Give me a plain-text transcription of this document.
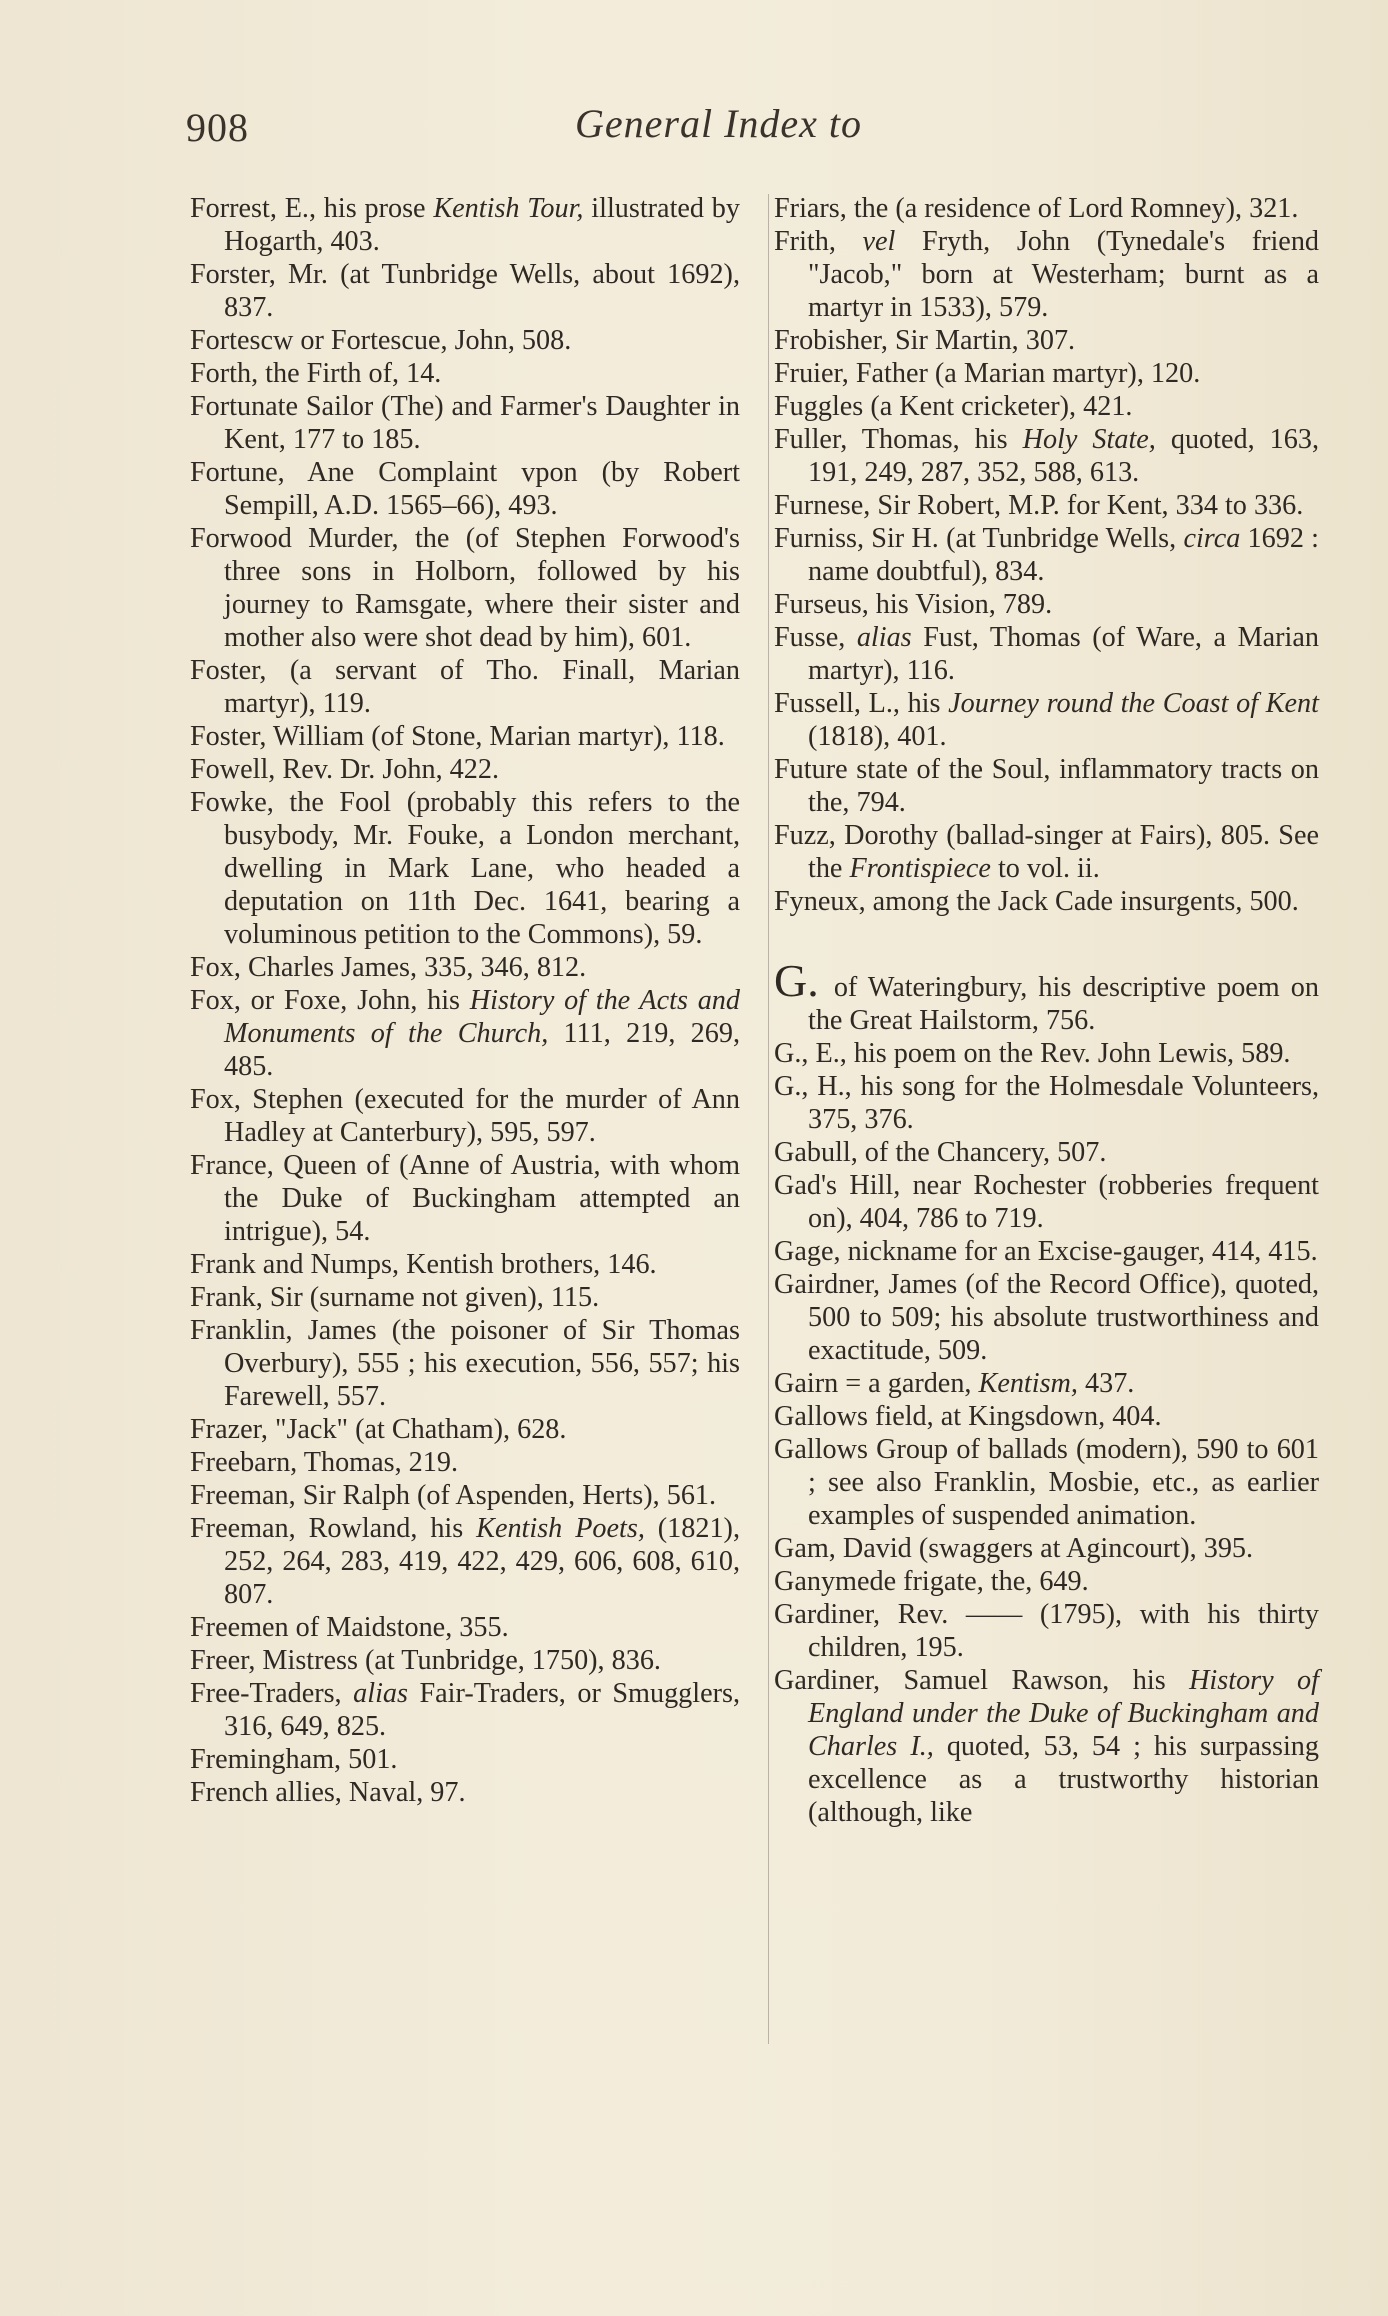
908	General Index to

Forrest, E., his prose Kentish Tour, illustrated by Hogarth, 403.

Forster, Mr. (at Tunbridge Wells, about 1692), 837.

Fortescw or Fortescue, John, 508.

Forth, the Firth of, 14.

Fortunate Sailor (The) and Farmer's Daughter in Kent, 177 to 185.

Fortune, Ane Complaint vpon (by Robert Sempill, A.D. 1565–66), 493.

Forwood Murder, the (of Stephen Forwood's three sons in Holborn, followed by his journey to Ramsgate, where their sister and mother also were shot dead by him), 601.

Foster, (a servant of Tho. Finall, Marian martyr), 119.

Foster, William (of Stone, Marian martyr), 118.

Fowell, Rev. Dr. John, 422.

Fowke, the Fool (probably this refers to the busybody, Mr. Fouke, a London merchant, dwelling in Mark Lane, who headed a deputation on 11th Dec. 1641, bearing a voluminous petition to the Commons), 59.

Fox, Charles James, 335, 346, 812.

Fox, or Foxe, John, his History of the Acts and Monuments of the Church, 111, 219, 269, 485.

Fox, Stephen (executed for the murder of Ann Hadley at Canterbury), 595, 597.

France, Queen of (Anne of Austria, with whom the Duke of Buckingham attempted an intrigue), 54.

Frank and Numps, Kentish brothers, 146.

Frank, Sir (surname not given), 115.

Franklin, James (the poisoner of Sir Thomas Overbury), 555 ; his execution, 556, 557; his Farewell, 557.

Frazer, "Jack" (at Chatham), 628.

Freebarn, Thomas, 219.

Freeman, Sir Ralph (of Aspenden, Herts), 561.

Freeman, Rowland, his Kentish Poets, (1821), 252, 264, 283, 419, 422, 429, 606, 608, 610, 807.

Freemen of Maidstone, 355.

Freer, Mistress (at Tunbridge, 1750), 836.

Free-Traders, alias Fair-Traders, or Smugglers, 316, 649, 825.

Fremingham, 501.

French allies, Naval, 97.

Friars, the (a residence of Lord Romney), 321.

Frith, vel Fryth, John (Tynedale's friend "Jacob," born at Westerham; burnt as a martyr in 1533), 579.

Frobisher, Sir Martin, 307.

Fruier, Father (a Marian martyr), 120.

Fuggles (a Kent cricketer), 421.

Fuller, Thomas, his Holy State, quoted, 163, 191, 249, 287, 352, 588, 613.

Furnese, Sir Robert, M.P. for Kent, 334 to 336.

Furniss, Sir H. (at Tunbridge Wells, circa 1692 : name doubtful), 834.

Furseus, his Vision, 789.

Fusse, alias Fust, Thomas (of Ware, a Marian martyr), 116.

Fussell, L., his Journey round the Coast of Kent (1818), 401.

Future state of the Soul, inflammatory tracts on the, 794.

Fuzz, Dorothy (ballad-singer at Fairs), 805. See the Frontispiece to vol. ii.

Fyneux, among the Jack Cade insurgents, 500.

G. of Wateringbury, his descriptive poem on the Great Hailstorm, 756.

G., E., his poem on the Rev. John Lewis, 589.

G., H., his song for the Holmesdale Volunteers, 375, 376.

Gabull, of the Chancery, 507.

Gad's Hill, near Rochester (robberies frequent on), 404, 786 to 719.

Gage, nickname for an Excise-gauger, 414, 415.

Gairdner, James (of the Record Office), quoted, 500 to 509; his absolute trustworthiness and exactitude, 509.

Gairn = a garden, Kentism, 437.

Gallows field, at Kingsdown, 404.

Gallows Group of ballads (modern), 590 to 601 ; see also Franklin, Mosbie, etc., as earlier examples of suspended animation.

Gam, David (swaggers at Agincourt), 395.

Ganymede frigate, the, 649.

Gardiner, Rev. —— (1795), with his thirty children, 195.

Gardiner, Samuel Rawson, his History of England under the Duke of Buckingham and Charles I., quoted, 53, 54 ; his surpassing excellence as a trustworthy historian (although, like
